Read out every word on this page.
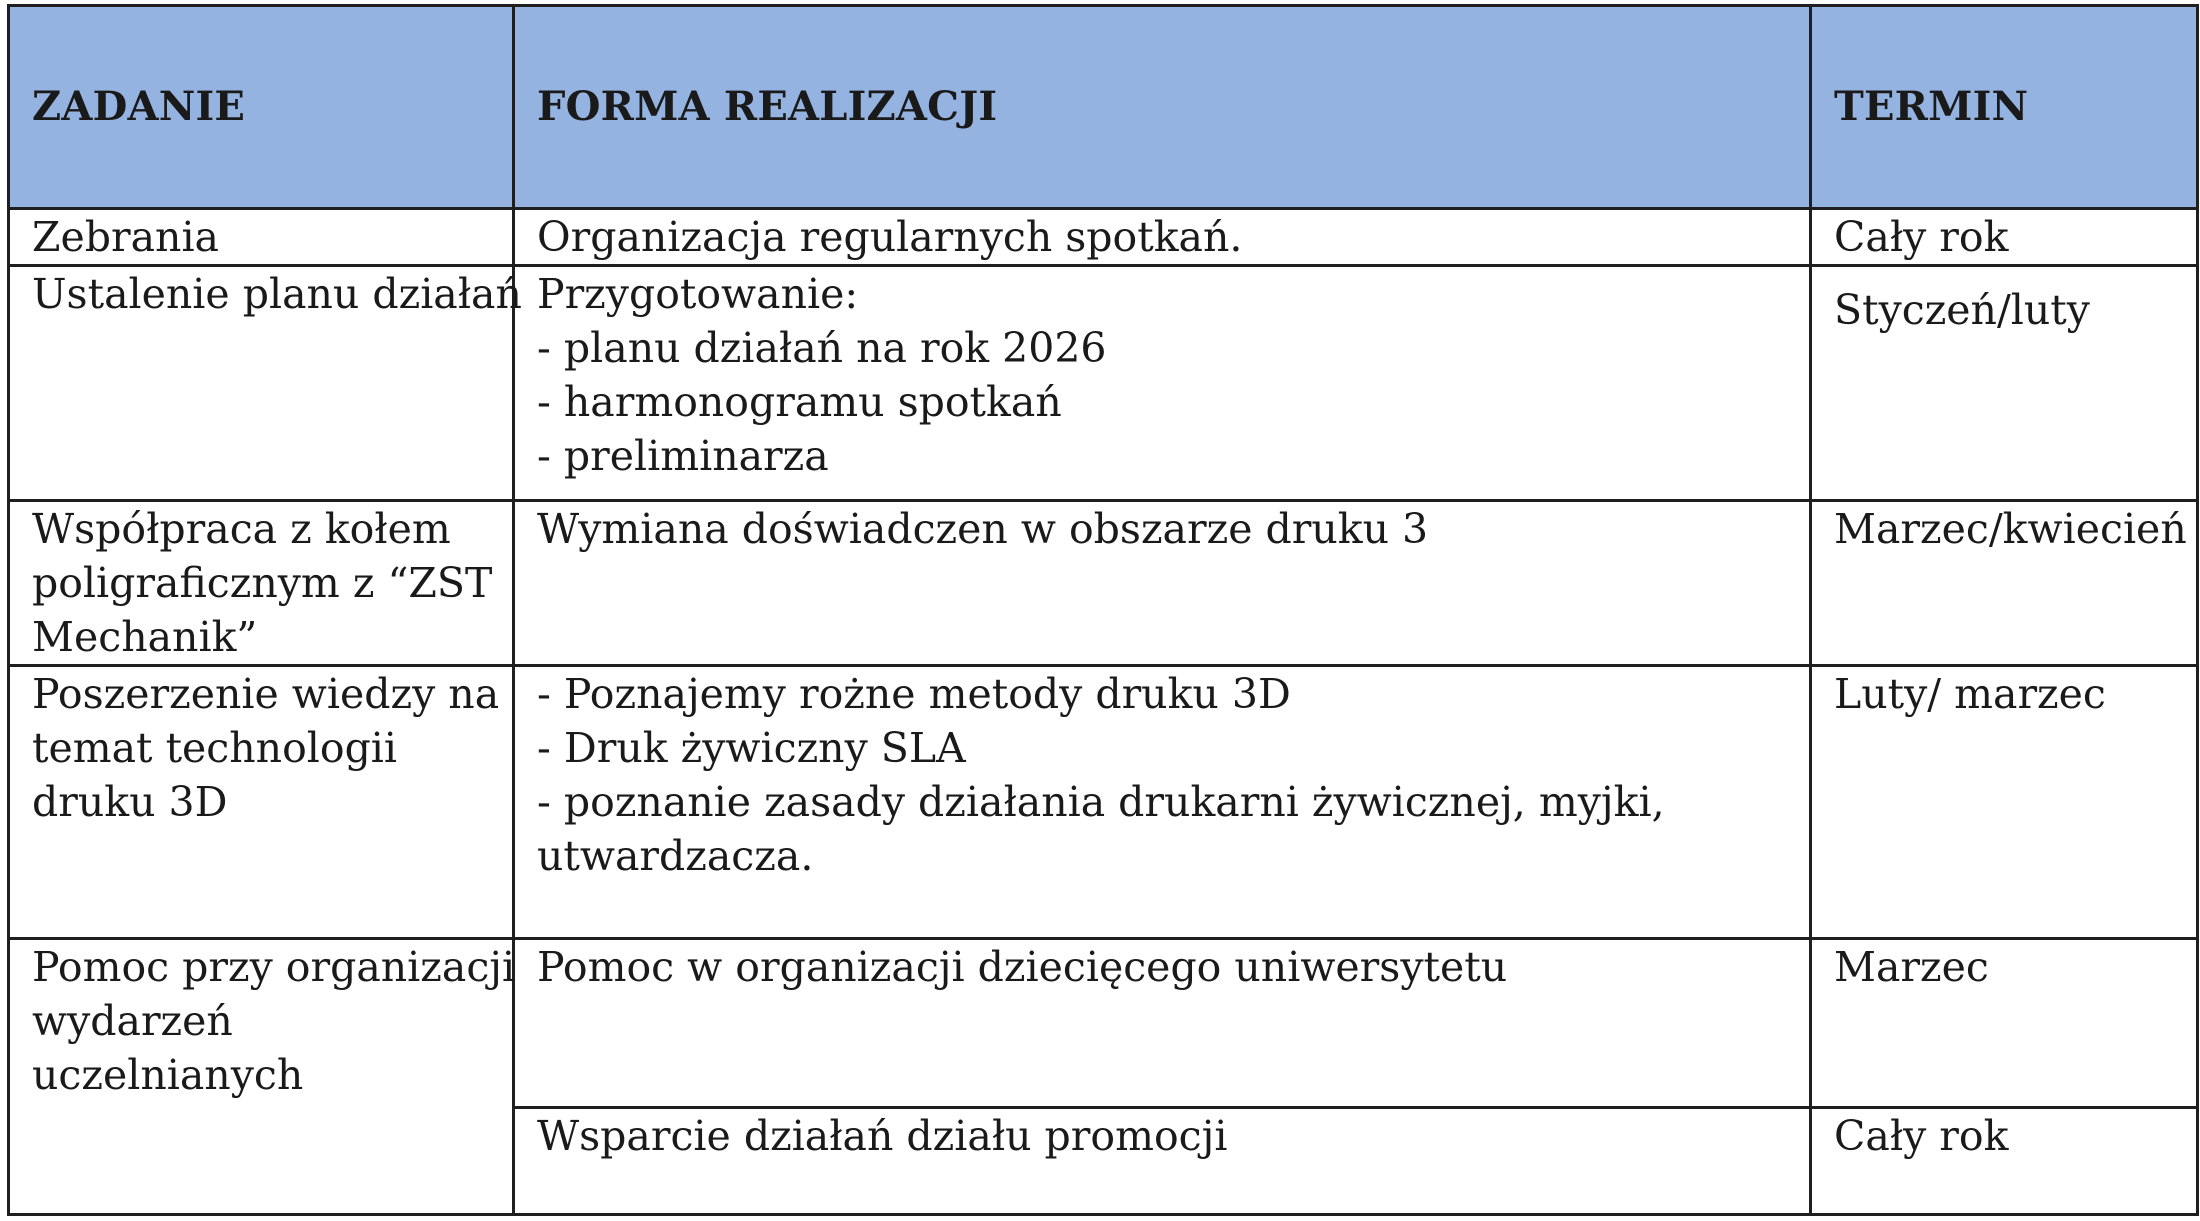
ZADANIE	FORMA REALIZACJI	TERMIN

Zebrania	Organizacja regularnych spotkań.	Cały rok

Ustalenie planu działań	Przygotowanie:
- planu działań na rok 2026
- harmonogramu spotkań
- preliminarza	Styczeń/luty

Współpraca z kołem
poligraficznym z “ZST
Mechanik”	Wymiana doświadczen w obszarze druku 3	Marzec/kwiecień

Poszerzenie wiedzy na
temat technologii
druku 3D	- Poznajemy rożne metody druku 3D
- Druk żywiczny SLA
- poznanie zasady działania drukarni żywicznej, myjki,
utwardzacza.	Luty/ marzec

Pomoc przy organizacji
wydarzeń
uczelnianych	Pomoc w organizacji dziecięcego uniwersytetu	Marzec

	Wsparcie działań działu promocji	Cały rok
